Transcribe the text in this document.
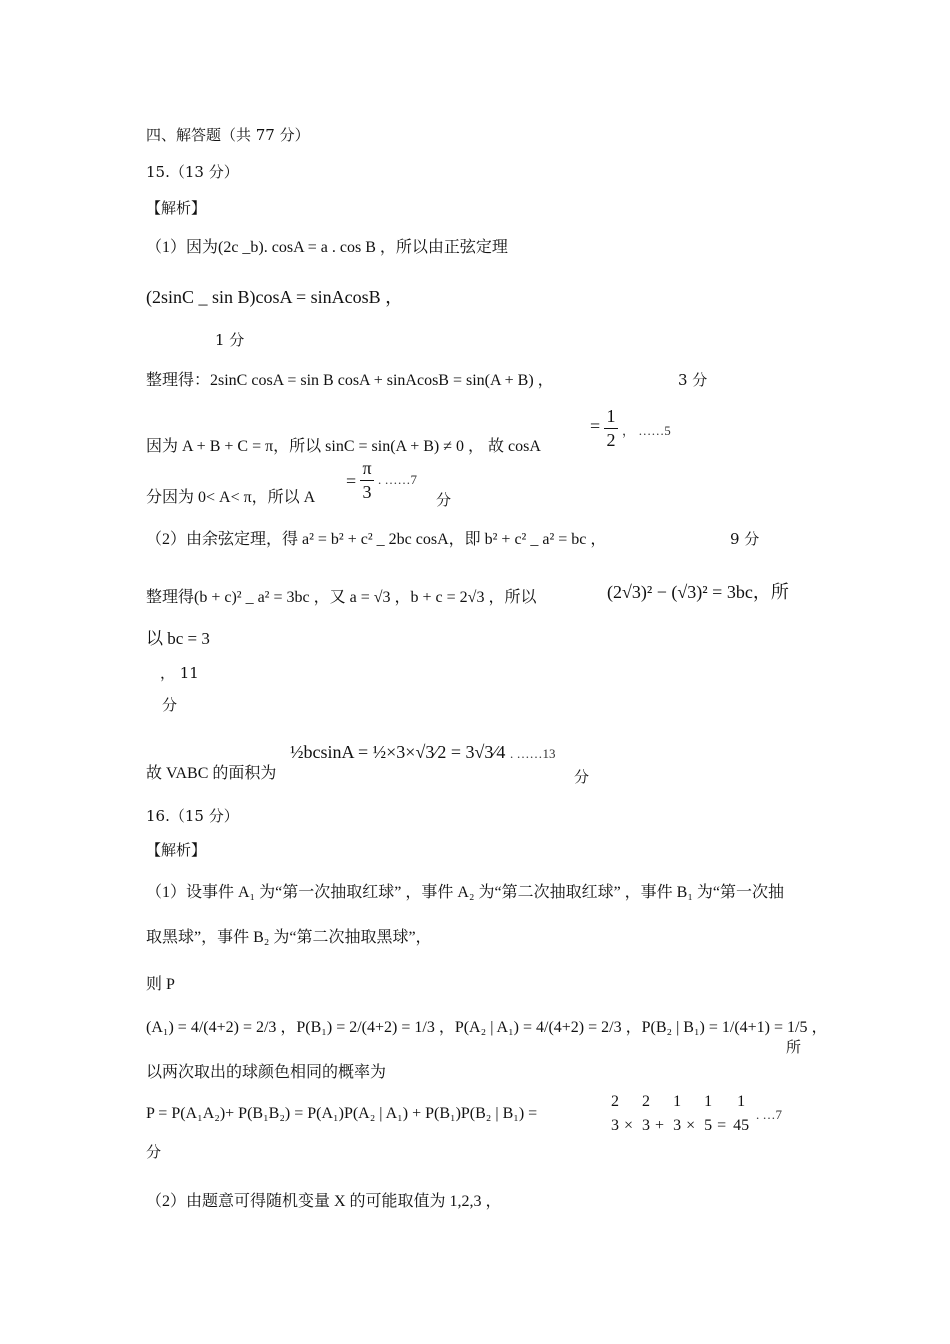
四、解答题（共 77 分）
15.（13 分）
【解析】
（1）因为(2c _b). cosA = a . cos B ，所以由正弦定理
(2sinC _ sin B)cosA = sinAcosB ，
1 分
整理得：2sinC cosA = sin B cosA + sinAcosB = sin(A + B) ，	3 分
因为 A + B + C = π，所以 sinC = sin(A + B) ≠ 0 ， 故 cosA
= 1
2 ， ……5
分因为 0< A< π，所以 A
=
π
3
. ……7
分
（2）由余弦定理，得 a² = b² + c² _ 2bc cosA，即 b² + c² _ a² = bc ，	9 分
整理得(b + c)² _ a² = 3bc ，又 a = √3 ，b + c = 2√3 ，所以	(2√3)² − (√3)² = 3bc，所
以 bc = 3
， 11
分
故 VABC 的面积为
½bcsinA = ½×3×√3⁄2 = 3√3⁄4 . ……13
分
16.（15 分）
【解析】
（1）设事件 A₁ 为“第一次抽取红球” ，事件 A₂ 为“第二次抽取红球” ，事件 B₁ 为“第一次抽
取黑球”，事件 B₂ 为“第二次抽取黑球”，
则 P
(A₁) = 4/(4+2) = 2/3 ，P(B₁) = 2/(4+2) = 1/3 ，P(A₂ | A₁) = 4/(4+2) = 2/3 ，P(B₂ | B₁) = 1/(4+1) = 1/5 ，
所
以两次取出的球颜色相同的概率为
P = P(A₁A₂)+ P(B₁B₂) = P(A₁)P(A₂ | A₁) + P(B₁)P(B₂ | B₁) =
2
3 × 2
3 + 1
3 × 1
5 = 1
45
. …7
分
（2）由题意可得随机变量 X 的可能取值为 1,2,3 ，
